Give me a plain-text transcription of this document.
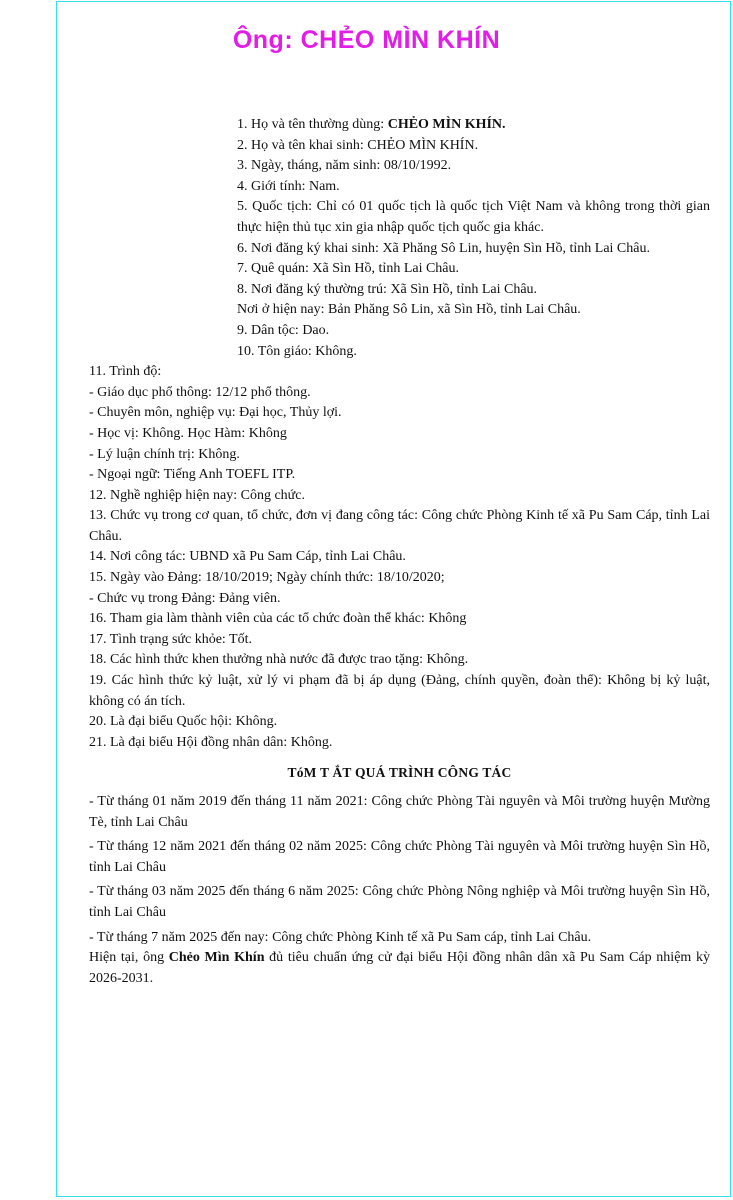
Ông: CHẺO MÌN KHÍN

1. Họ và tên thường dùng: CHẺO MÌN KHÍN.

2. Họ và tên khai sinh: CHẺO MÌN KHÍN.

3. Ngày, tháng, năm sinh: 08/10/1992.

4. Giới tính: Nam.

5. Quốc tịch: Chỉ có 01 quốc tịch là quốc tịch Việt Nam và không trong thời gian thực hiện thủ tục xin gia nhập quốc tịch quốc gia khác.

6. Nơi đăng ký khai sinh: Xã Phăng Sô Lin, huyện Sìn Hồ, tỉnh Lai Châu.

7. Quê quán: Xã Sìn Hồ, tỉnh Lai Châu.

8. Nơi đăng ký thường trú: Xã Sìn Hồ, tỉnh Lai Châu.

Nơi ở hiện nay: Bản Phăng Sô Lin, xã Sìn Hồ, tỉnh Lai Châu.

9. Dân tộc: Dao.

10. Tôn giáo: Không.

11. Trình độ:

- Giáo dục phổ thông: 12/12 phổ thông.

- Chuyên môn, nghiệp vụ: Đại học, Thủy lợi.

- Học vị: Không. Học Hàm: Không

- Lý luận chính trị: Không.

- Ngoại ngữ: Tiếng Anh TOEFL ITP.

12. Nghề nghiệp hiện nay: Công chức.

13. Chức vụ trong cơ quan, tổ chức, đơn vị đang công tác: Công chức Phòng Kinh tế xã Pu Sam Cáp, tỉnh Lai Châu.

14. Nơi công tác: UBND xã Pu Sam Cáp, tỉnh Lai Châu.

15. Ngày vào Đảng: 18/10/2019; Ngày chính thức: 18/10/2020;

- Chức vụ trong Đảng: Đảng viên.

16. Tham gia làm thành viên của các tổ chức đoàn thể khác: Không

17. Tình trạng sức khỏe: Tốt.

18. Các hình thức khen thưởng nhà nước đã được trao tặng: Không.

19. Các hình thức kỷ luật, xử lý vi phạm đã bị áp dụng (Đảng, chính quyền, đoàn thể): Không bị kỷ luật, không có án tích.

20. Là đại biểu Quốc hội: Không.

21. Là đại biểu Hội đồng nhân dân: Không.

TóM T ẮT QUÁ TRÌNH CÔNG TÁC

- Từ tháng 01 năm 2019 đến tháng 11 năm 2021: Công chức Phòng Tài nguyên và Môi trường huyện Mường Tè, tỉnh Lai Châu

- Từ tháng 12 năm 2021 đến tháng 02 năm 2025: Công chức Phòng Tài nguyên và Môi trường huyện Sìn Hồ, tỉnh Lai Châu

- Từ tháng 03 năm 2025 đến tháng 6 năm 2025: Công chức Phòng Nông nghiệp và Môi trường huyện Sìn Hồ, tỉnh Lai Châu

- Từ tháng 7 năm 2025 đến nay: Công chức Phòng Kinh tế xã Pu Sam cáp, tỉnh Lai Châu.

Hiện tại, ông Chẻo Mìn Khín đủ tiêu chuẩn ứng cử đại biểu Hội đồng nhân dân xã Pu Sam Cáp nhiệm kỳ 2026-2031.
